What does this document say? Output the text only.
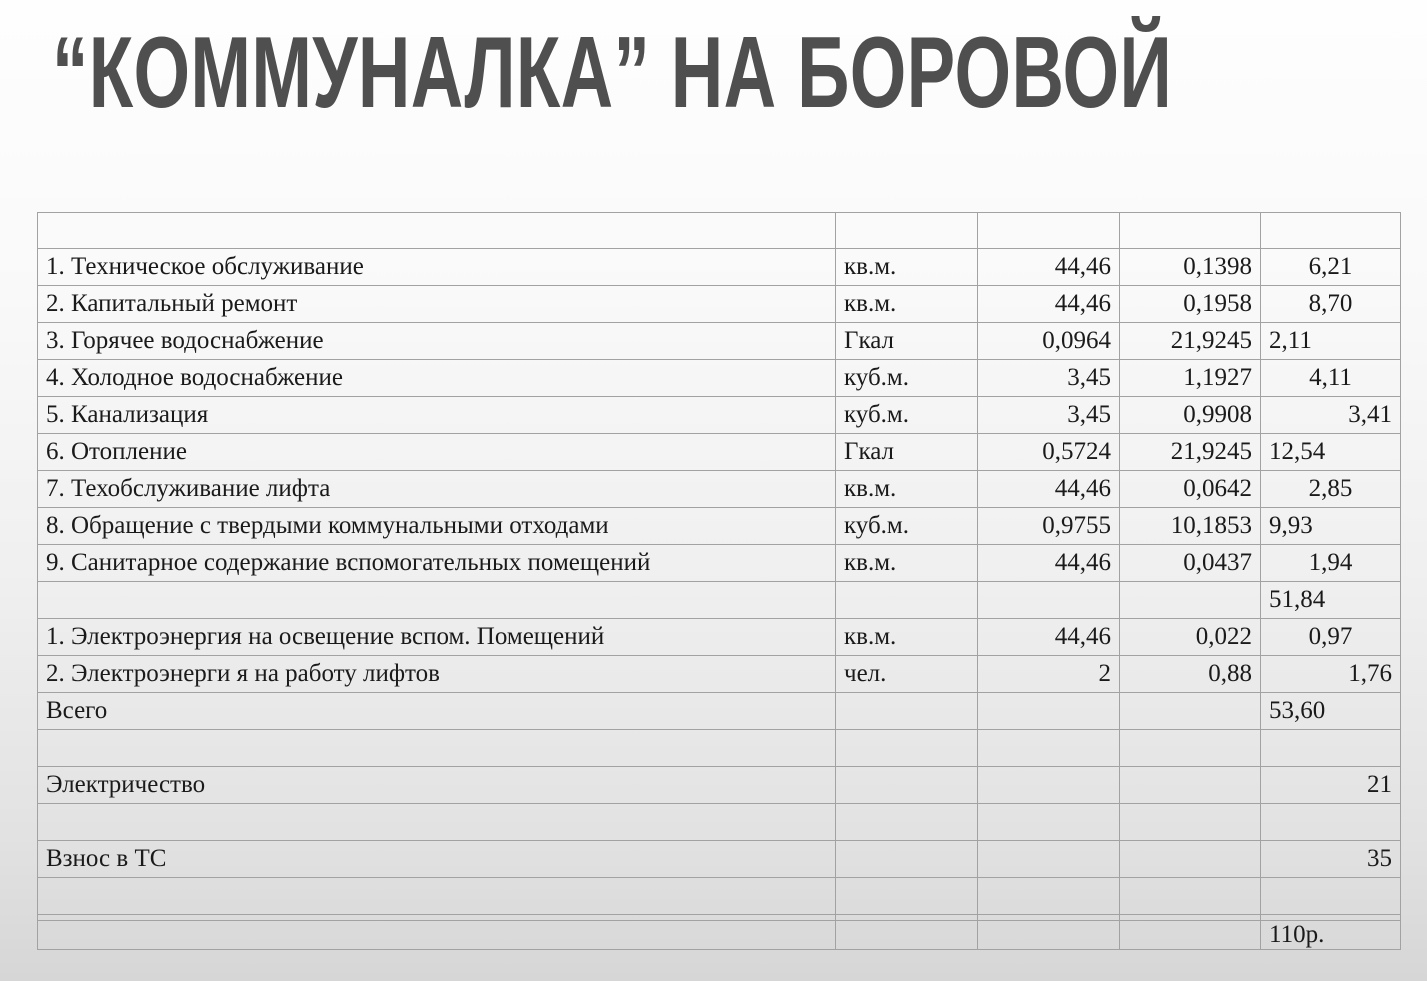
“КОММУНАЛКА” НА БОРОВОЙ

1. Техническое обслуживание	кв.м.	44,46	0,1398	6,21
2. Капитальный ремонт	кв.м.	44,46	0,1958	8,70
3. Горячее водоснабжение	Гкал	0,0964	21,9245	2,11
4. Холодное водоснабжение	куб.м.	3,45	1,1927	4,11
5. Канализация	куб.м.	3,45	0,9908	3,41
6. Отопление	Гкал	0,5724	21,9245	12,54
7. Техобслуживание лифта	кв.м.	44,46	0,0642	2,85
8. Обращение с твердыми коммунальными отходами	куб.м.	0,9755	10,1853	9,93
9. Санитарное содержание вспомогательных помещений	кв.м.	44,46	0,0437	1,94
				51,84
1. Электроэнергия на освещение вспом. Помещений	кв.м.	44,46	0,022	0,97
2. Электроэнерги я на работу лифтов	чел.	2	0,88	1,76
Всего				53,60

Электричество				21

Взнос в ТС				35

				110р.
